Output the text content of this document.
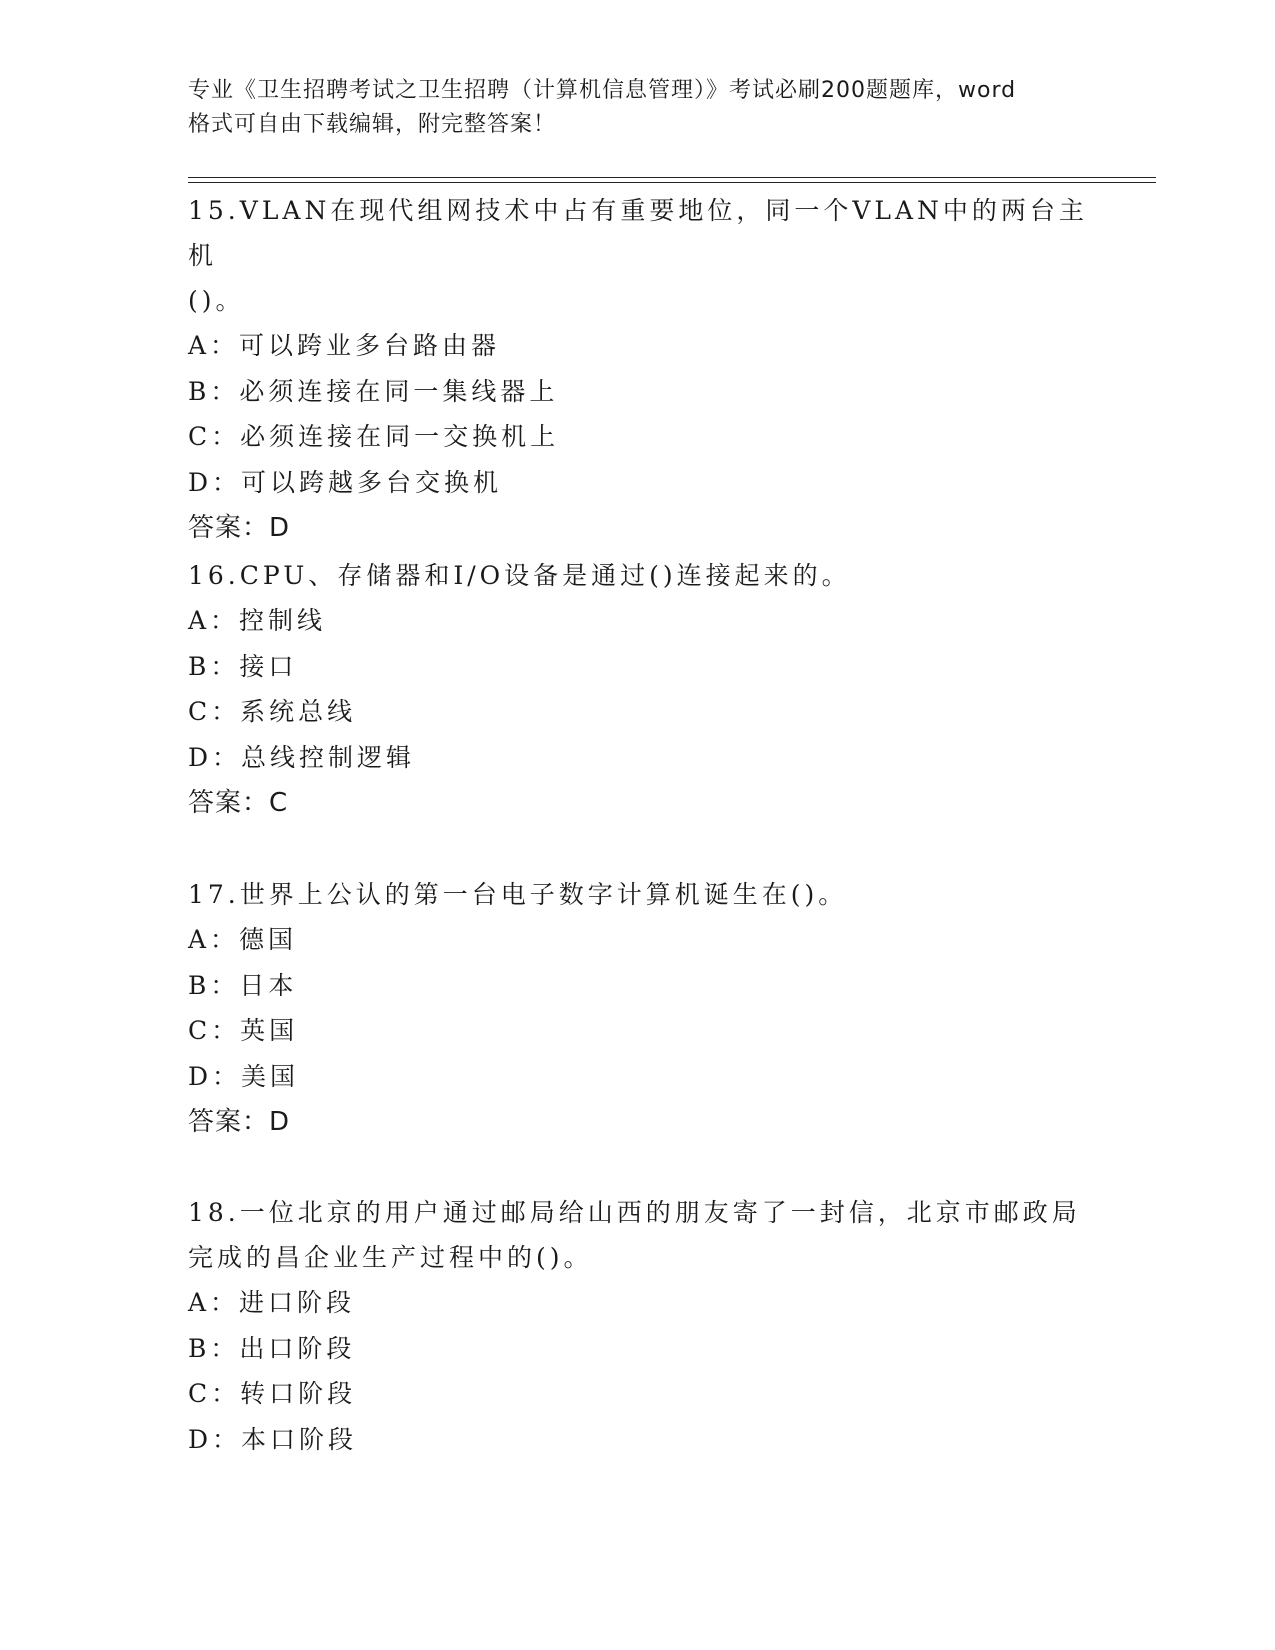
专业《卫生招聘考试之卫生招聘（计算机信息管理）》考试必刷200题题库，word
格式可自由下载编辑，附完整答案！

15.VLAN在现代组网技术中占有重要地位，同一个VLAN中的两台主机

()。

A：可以跨业多台路由器

B：必须连接在同一集线器上

C：必须连接在同一交换机上

D：可以跨越多台交换机

答案：D

16.CPU、存储器和I/O设备是通过()连接起来的。

A：控制线

B：接口

C：系统总线

D：总线控制逻辑

答案：C

17.世界上公认的第一台电子数字计算机诞生在()。

A：德国

B：日本

C：英国

D：美国

答案：D

18.一位北京的用户通过邮局给山西的朋友寄了一封信，北京市邮政局

完成的昌企业生产过程中的()。

A：进口阶段

B：出口阶段

C：转口阶段

D：本口阶段
